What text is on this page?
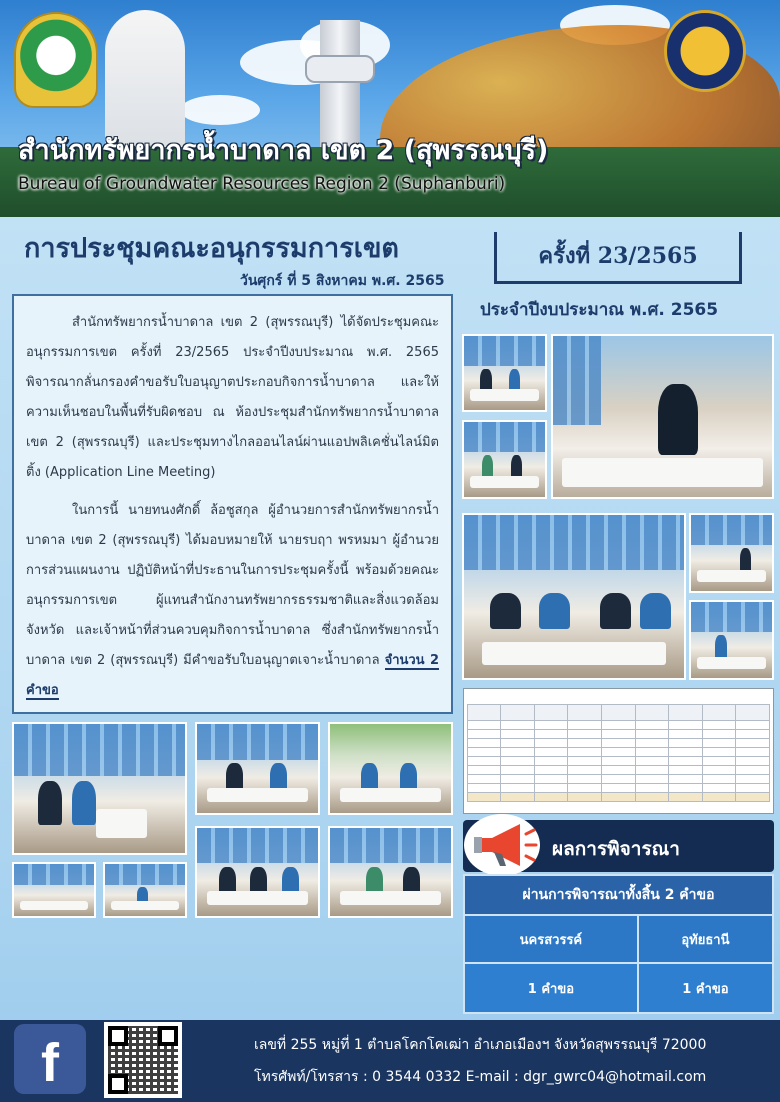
สำนักทรัพยากรน้ำบาดาล เขต 2 (สุพรรณบุรี)
Bureau of Groundwater Resources Region 2 (Suphanburi)
การประชุมคณะอนุกรรมการเขต
วันศุกร์ ที่ 5 สิงหาคม พ.ศ. 2565
ครั้งที่ 23/2565
ประจำปีงบประมาณ พ.ศ. 2565

สำนักทรัพยากรน้ำบาดาล เขต 2 (สุพรรณบุรี) ได้จัดประชุมคณะอนุกรรมการเขต ครั้งที่ 23/2565 ประจำปีงบประมาณ พ.ศ. 2565 พิจารณากลั่นกรองคำขอรับใบอนุญาตประกอบกิจการน้ำบาดาล และให้ความเห็นชอบในพื้นที่รับผิดชอบ ณ ห้องประชุมสำนักทรัพยากรน้ำบาดาล เขต 2 (สุพรรณบุรี) และประชุมทางไกลออนไลน์ผ่านแอปพลิเคชั่นไลน์มิตติ้ง (Application Line Meeting)

ในการนี้ นายทนงศักดิ์ ล้อชูสกุล ผู้อำนวยการสำนักทรัพยากรน้ำบาดาล เขต 2 (สุพรรณบุรี) ได้มอบหมายให้ นายรบฤา พรหมมา ผู้อำนวยการส่วนแผนงาน ปฏิบัติหน้าที่ประธานในการประชุมครั้งนี้ พร้อมด้วยคณะอนุกรรมการเขต ผู้แทนสำนักงานทรัพยากรธรรมชาติและสิ่งแวดล้อมจังหวัด และเจ้าหน้าที่ส่วนควบคุมกิจการน้ำบาดาล ซึ่งสำนักทรัพยากรน้ำบาดาล เขต 2 (สุพรรณบุรี) มีคำขอรับใบอนุญาตเจาะน้ำบาดาล จำนวน 2 คำขอ

ผลการพิจารณา
ผ่านการพิจารณาทั้งสิ้น 2 คำขอ	
นครสวรรค์	อุทัยธานี
1 คำขอ	1 คำขอ
f	เลขที่ 255 หมู่ที่ 1 ตำบลโคกโคเฒ่า อำเภอเมืองฯ จังหวัดสุพรรณบุรี 72000
โทรศัพท์/โทรสาร : 0 3544 0332 E-mail : dgr_gwrc04@hotmail.com
